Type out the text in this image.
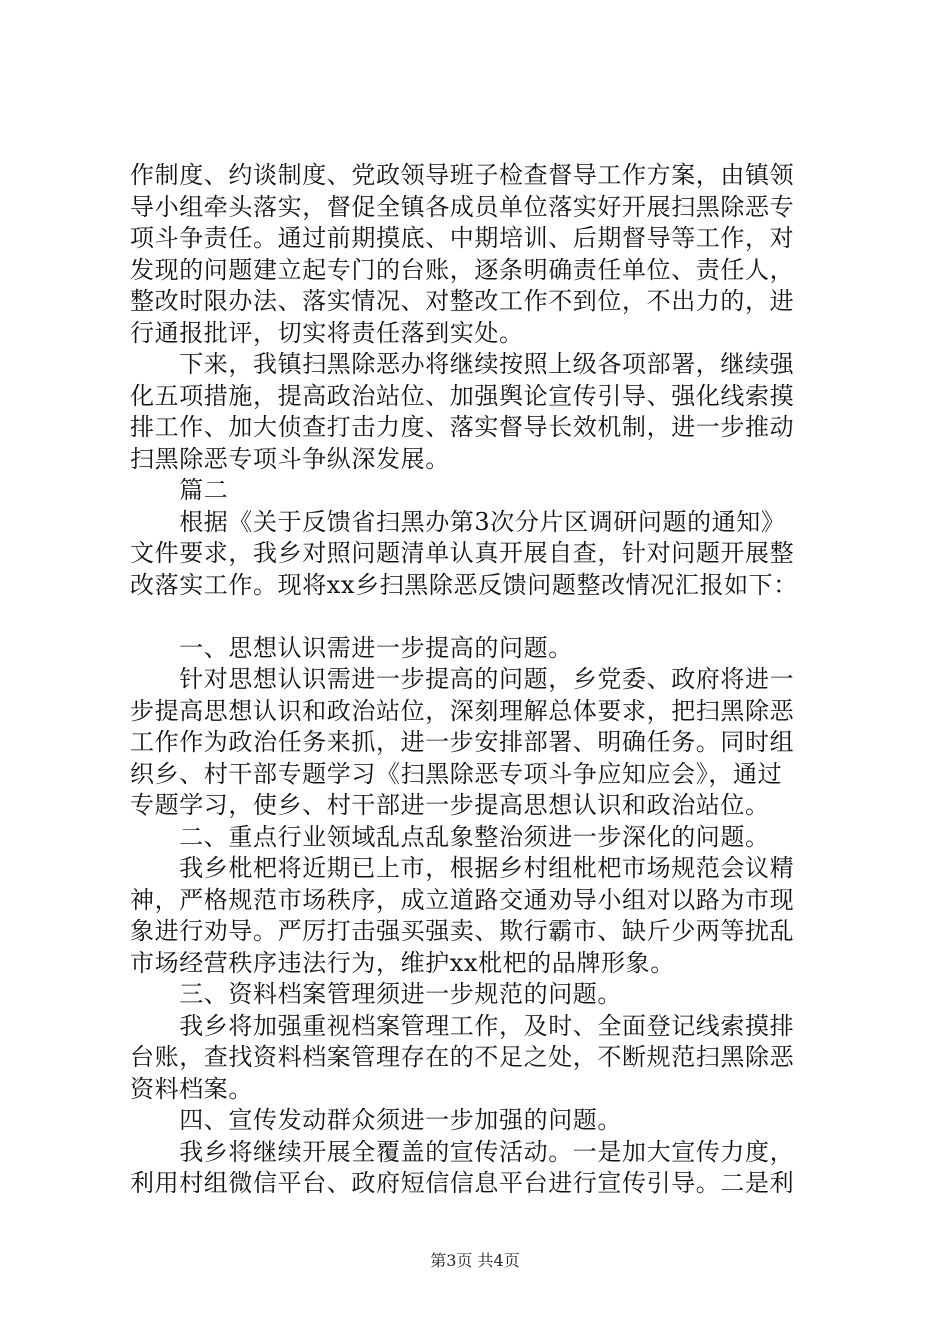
作制度、约谈制度、党政领导班子检查督导工作方案，由镇领
导小组牵头落实，督促全镇各成员单位落实好开展扫黑除恶专
项斗争责任。通过前期摸底、中期培训、后期督导等工作，对
发现的问题建立起专门的台账，逐条明确责任单位、责任人，
整改时限办法、落实情况、对整改工作不到位，不出力的，进
行通报批评，切实将责任落到实处。
　　下来，我镇扫黑除恶办将继续按照上级各项部署，继续强
化五项措施，提高政治站位、加强舆论宣传引导、强化线索摸
排工作、加大侦查打击力度、落实督导长效机制，进一步推动
扫黑除恶专项斗争纵深发展。
　　篇二
　　根据《关于反馈省扫黑办第3次分片区调研问题的通知》
文件要求，我乡对照问题清单认真开展自查，针对问题开展整
改落实工作。现将xx乡扫黑除恶反馈问题整改情况汇报如下：
　　一、思想认识需进一步提高的问题。
　　针对思想认识需进一步提高的问题，乡党委、政府将进一
步提高思想认识和政治站位，深刻理解总体要求，把扫黑除恶
工作作为政治任务来抓，进一步安排部署、明确任务。同时组
织乡、村干部专题学习《扫黑除恶专项斗争应知应会》，通过
专题学习，使乡、村干部进一步提高思想认识和政治站位。
　　二、重点行业领域乱点乱象整治须进一步深化的问题。
　　我乡枇杷将近期已上市，根据乡村组枇杷市场规范会议精
神，严格规范市场秩序，成立道路交通劝导小组对以路为市现
象进行劝导。严厉打击强买强卖、欺行霸市、缺斤少两等扰乱
市场经营秩序违法行为，维护xx枇杷的品牌形象。
　　三、资料档案管理须进一步规范的问题。
　　我乡将加强重视档案管理工作，及时、全面登记线索摸排
台账，查找资料档案管理存在的不足之处，不断规范扫黑除恶
资料档案。
　　四、宣传发动群众须进一步加强的问题。
　　我乡将继续开展全覆盖的宣传活动。一是加大宣传力度，
利用村组微信平台、政府短信信息平台进行宣传引导。二是利
第3页 共4页
